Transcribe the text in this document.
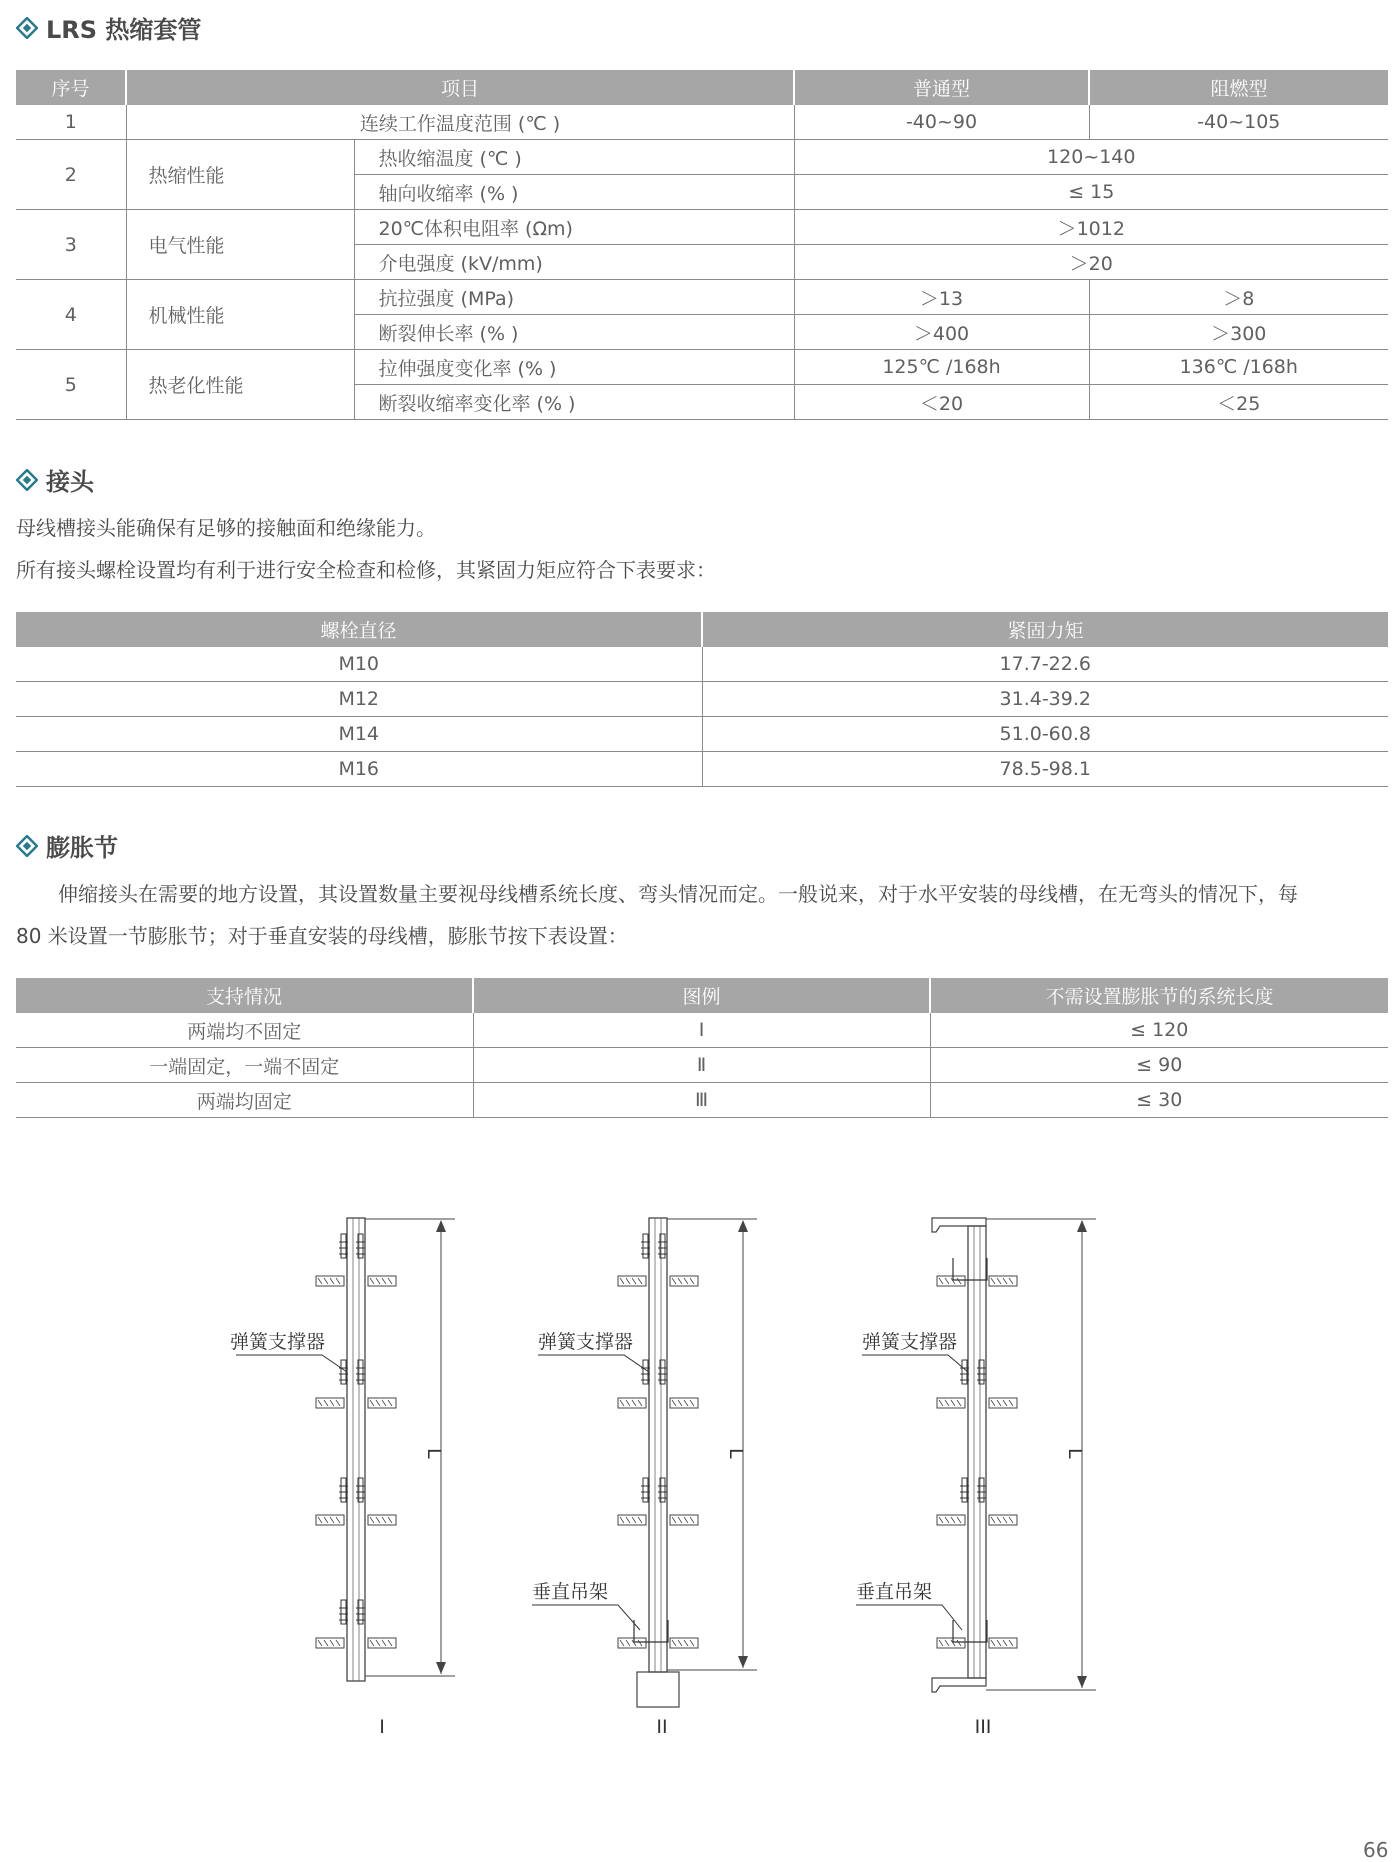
LRS 热缩套管
序号	项目		普通型	阻燃型
1	连续工作温度范围 (℃ )		-40~90	-40~105
2	热缩性能	热收缩温度 (℃ )	120~140	
		轴向收缩率 (% )	≤ 15	
3	电气性能	20℃体积电阻率 (Ωm)	＞1012	
		介电强度 (kV/mm)	＞20	
4	机械性能	抗拉强度 (MPa)	＞13	＞8
		断裂伸长率 (% )	＞400	＞300
5	热老化性能	拉伸强度变化率 (% )	125℃ /168h	136℃ /168h
		断裂收缩率变化率 (% )	＜20	＜25
接头
母线槽接头能确保有足够的接触面和绝缘能力。
所有接头螺栓设置均有利于进行安全检查和检修，其紧固力矩应符合下表要求：
螺栓直径	紧固力矩
M10	17.7-22.6
M12	31.4-39.2
M14	51.0-60.8
M16	78.5-98.1
膨胀节
伸缩接头在需要的地方设置，其设置数量主要视母线槽系统长度、弯头情况而定。一般说来，对于水平安装的母线槽，在无弯头的情况下，每
80 米设置一节膨胀节；对于垂直安装的母线槽，膨胀节按下表设置：
支持情况	图例	不需设置膨胀节的系统长度
两端均不固定	Ⅰ	≤ 120
一端固定，一端不固定	Ⅱ	≤ 90
两端均固定	Ⅲ	≤ 30
弹簧支撑器	弹簧支撑器	弹簧支撑器
垂直吊架	垂直吊架
L	L	L
I	II	III
66
